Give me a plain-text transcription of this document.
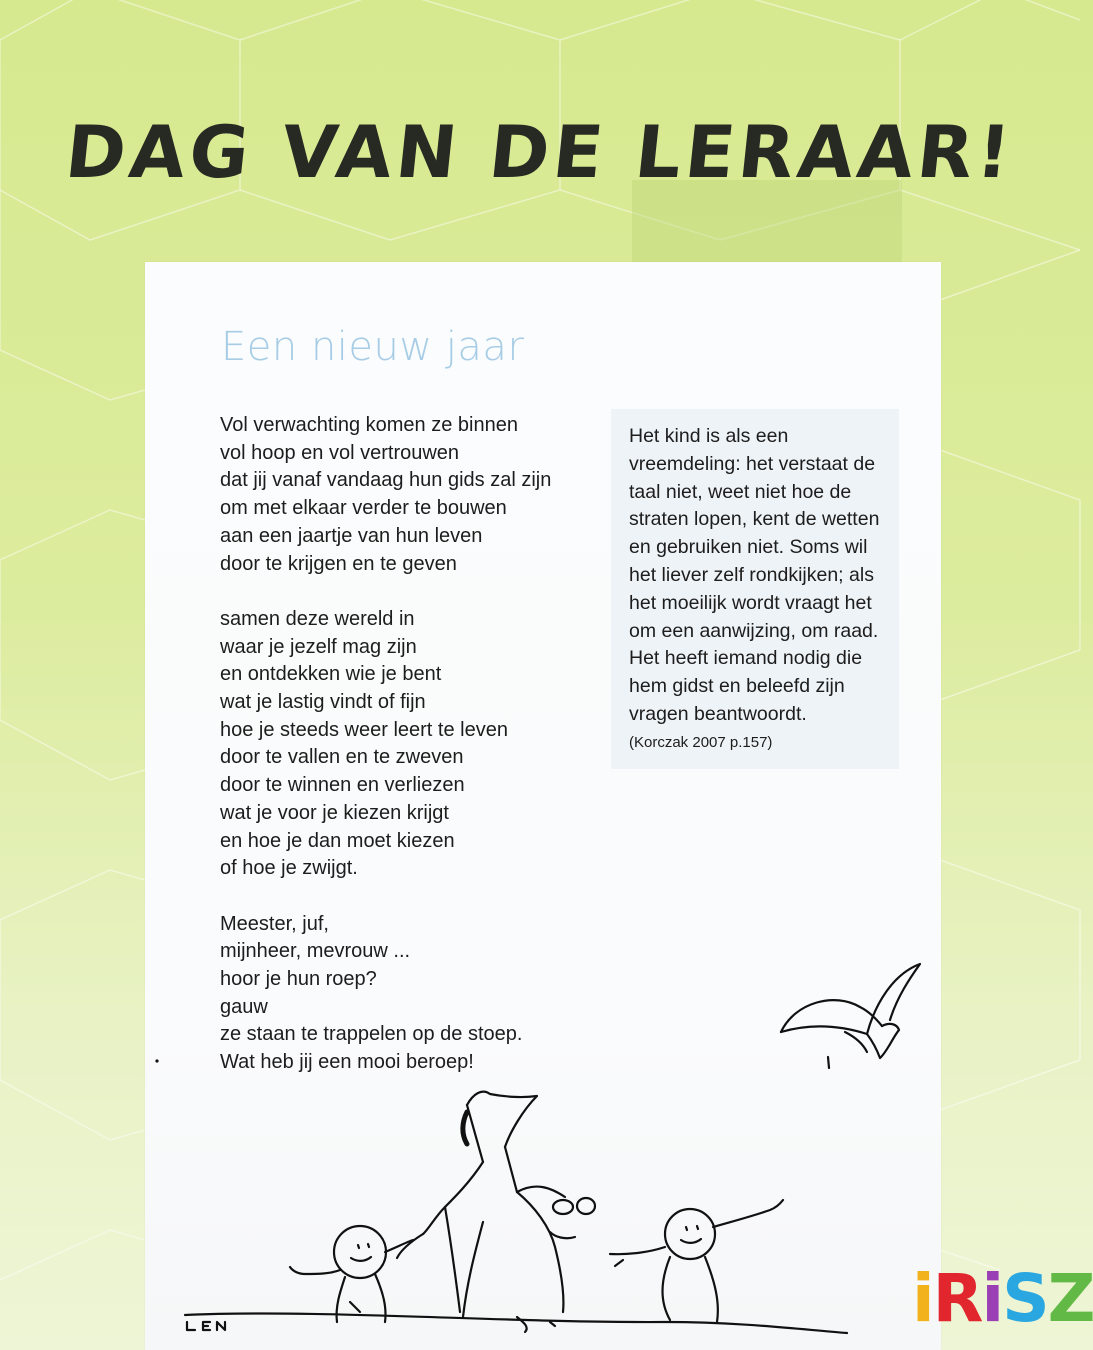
DAG VAN DE LERAAR!
Een nieuw jaar
Vol verwachting komen ze binnen
vol hoop en vol vertrouwen
dat jij vanaf vandaag hun gids zal zijn
om met elkaar verder te bouwen
aan een jaartje van hun leven
door te krijgen en te geven
samen deze wereld in
waar je jezelf mag zijn
en ontdekken wie je bent
wat je lastig vindt of fijn
hoe je steeds weer leert te leven
door te vallen en te zweven
door te winnen en verliezen
wat je voor je kiezen krijgt
en hoe je dan moet kiezen
of hoe je zwijgt.
Meester, juf,
mijnheer, mevrouw ...
hoor je hun roep?
gauw
ze staan te trappelen op de stoep.
Wat heb jij een mooi beroep!
Het kind is als een
vreemdeling: het verstaat de
taal niet, weet niet hoe de
straten lopen, kent de wetten
en gebruiken niet. Soms wil
het liever zelf rondkijken; als
het moeilijk wordt vraagt het
om een aanwijzing, om raad.
Het heeft iemand nodig die
hem gidst en beleefd zijn
vragen beantwoordt.
(Korczak 2007 p.157)
iRiSZ
